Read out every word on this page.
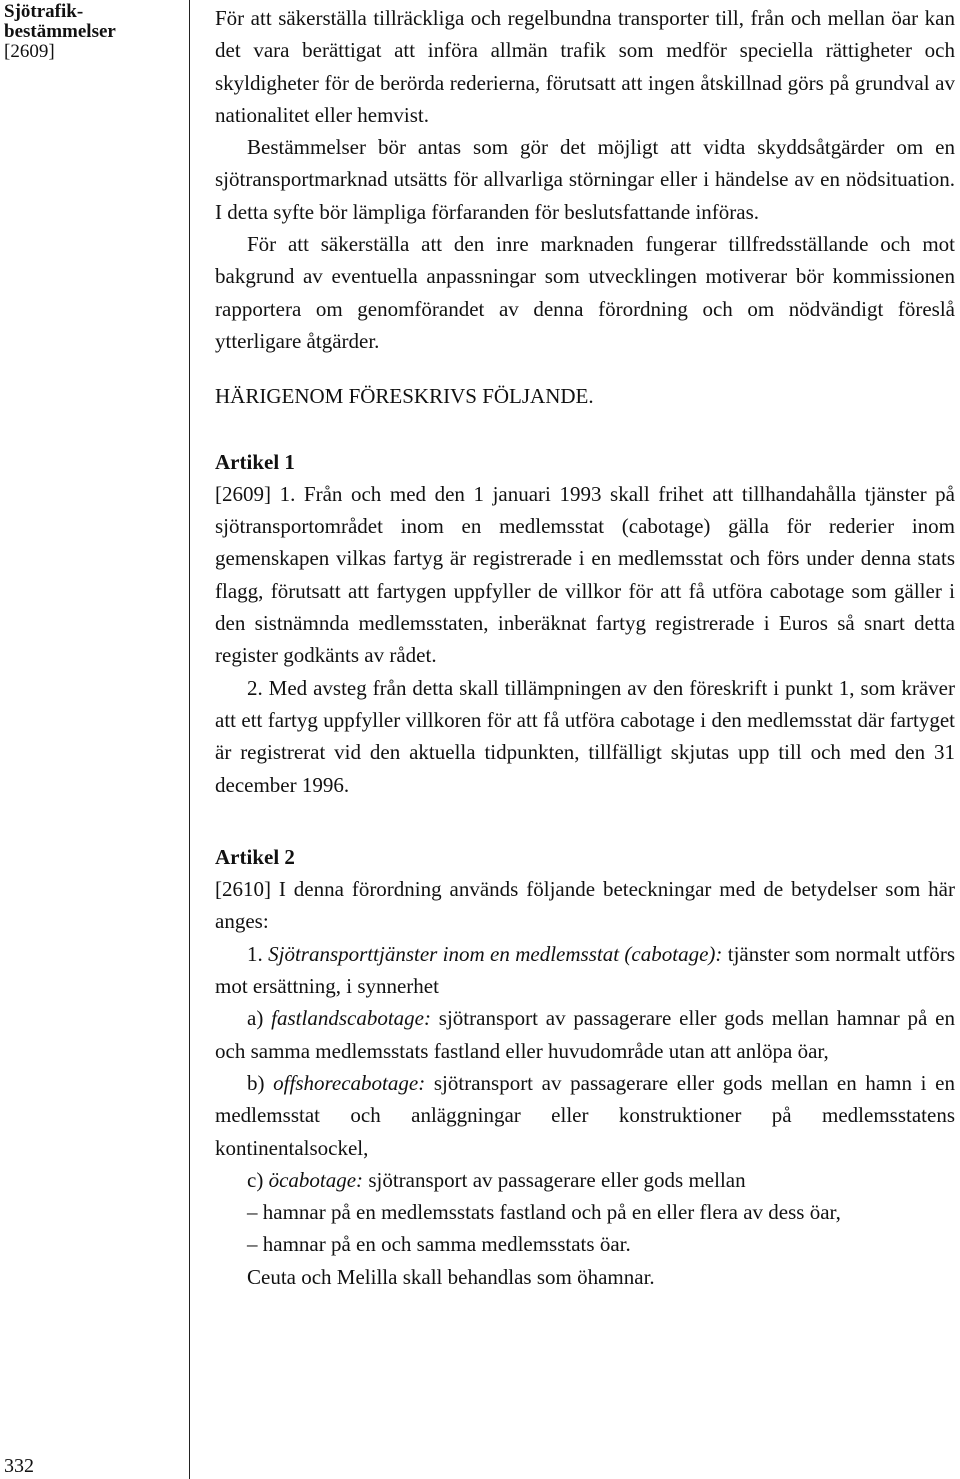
Sjötrafik-
bestämmelser
[2609]
332

För att säkerställa tillräckliga och regelbundna transporter till, från och mellan öar kan det vara berättigat att införa allmän trafik som medför speciella rättigheter och skyldigheter för de berörda rederierna, förutsatt att ingen åtskillnad görs på grundval av nationalitet eller hemvist.

Bestämmelser bör antas som gör det möjligt att vidta skyddsåtgärder om en sjötransportmarknad utsätts för allvarliga störningar eller i händelse av en nödsituation. I detta syfte bör lämpliga förfaranden för beslutsfattande införas.

För att säkerställa att den inre marknaden fungerar tillfredsställande och mot bakgrund av eventuella anpassningar som utvecklingen motiverar bör kommissionen rapportera om genomförandet av denna förordning och om nödvändigt föreslå ytterligare åtgärder.

HÄRIGENOM FÖRESKRIVS FÖLJANDE.

Artikel 1

[2609] 1. Från och med den 1 januari 1993 skall frihet att tillhandahålla tjänster på sjötransportområdet inom en medlemsstat (cabotage) gälla för rederier inom gemenskapen vilkas fartyg är registrerade i en medlemsstat och förs under denna stats flagg, förutsatt att fartygen uppfyller de villkor för att få utföra cabotage som gäller i den sistnämnda medlemsstaten, inberäknat fartyg registrerade i Euros så snart detta register godkänts av rådet.

2. Med avsteg från detta skall tillämpningen av den föreskrift i punkt 1, som kräver att ett fartyg uppfyller villkoren för att få utföra cabotage i den medlemsstat där fartyget är registrerat vid den aktuella tidpunkten, tillfälligt skjutas upp till och med den 31 december 1996.

Artikel 2

[2610] I denna förordning används följande beteckningar med de betydelser som här anges:

1. Sjötransporttjänster inom en medlemsstat (cabotage): tjänster som normalt utförs mot ersättning, i synnerhet

a) fastlandscabotage: sjötransport av passagerare eller gods mellan hamnar på en och samma medlemsstats fastland eller huvudområde utan att anlöpa öar,

b) offshorecabotage: sjötransport av passagerare eller gods mellan en hamn i en medlemsstat och anläggningar eller konstruktioner på medlemsstatens kontinentalsockel,

c) öcabotage: sjötransport av passagerare eller gods mellan

– hamnar på en medlemsstats fastland och på en eller flera av dess öar,

– hamnar på en och samma medlemsstats öar.

Ceuta och Melilla skall behandlas som öhamnar.
